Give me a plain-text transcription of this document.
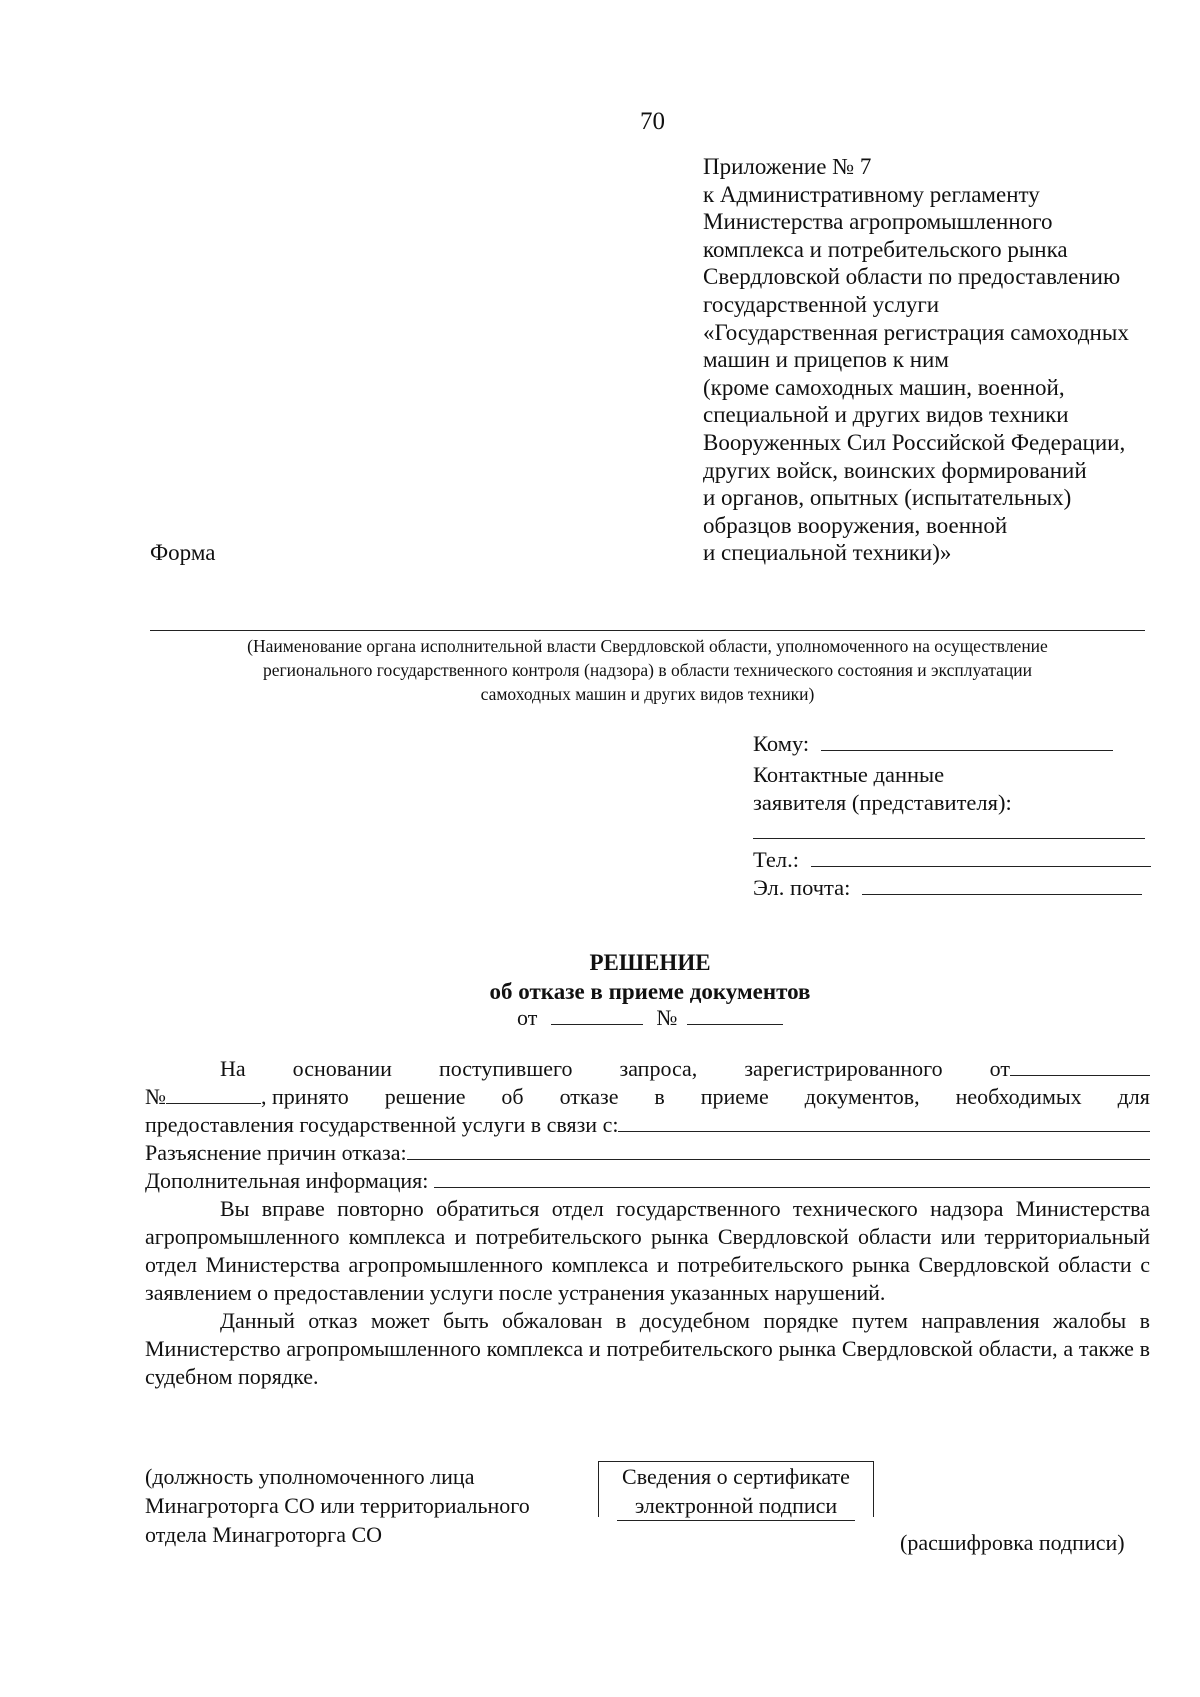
70
Приложение № 7
к Административному регламенту
Министерства агропромышленного
комплекса и потребительского рынка
Свердловской области по предоставлению
государственной услуги
«Государственная регистрация самоходных
машин и прицепов к ним
(кроме самоходных машин, военной,
специальной и других видов техники
Вооруженных Сил Российской Федерации,
других войск, воинских формирований
и органов, опытных (испытательных)
образцов вооружения, военной
и специальной техники)»
Форма
(Наименование органа исполнительной власти Свердловской области, уполномоченного на осуществление
регионального государственного контроля (надзора) в области технического состояния и эксплуатации
самоходных машин и других видов техники)
Кому:
Контактные данные
заявителя (представителя):
Тел.:
Эл. почта:
РЕШЕНИЕ
об отказе в приеме документов
от	№
На основании поступившего запроса, зарегистрированного от
№	, принято решение об отказе в приеме документов, необходимых для
предоставления государственной услуги в связи с:
Разъяснение причин отказа:
Дополнительная информация:
Вы вправе повторно обратиться отдел государственного технического надзора Министерства агропромышленного комплекса и потребительского рынка Свердловской области или территориальный отдел Министерства агропромышленного комплекса и потребительского рынка Свердловской области с заявлением о предоставлении услуги после устранения указанных нарушений.
Данный отказ может быть обжалован в досудебном порядке путем направления жалобы в Министерство агропромышленного комплекса и потребительского рынка Свердловской области, а также в судебном порядке.
(должность уполномоченного лица
Минагроторга СО или территориального
отдела Минагроторга СО
Сведения о сертификате
электронной подписи
(расшифровка подписи)
